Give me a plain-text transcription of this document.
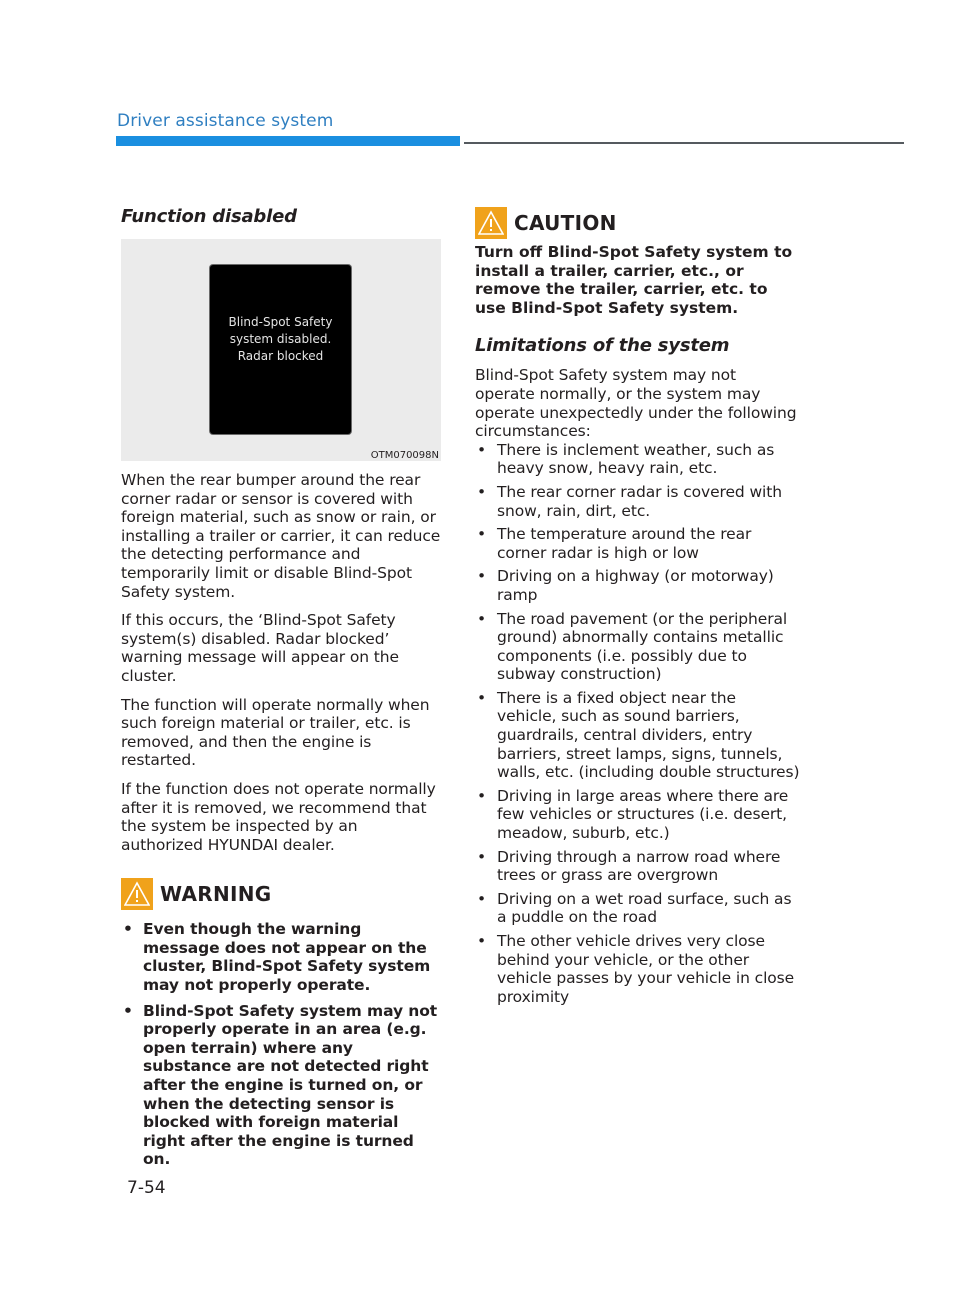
Driver assistance system
Function disabled
Blind-Spot Safety
system disabled.
Radar blocked
OTM070098N

When the rear bumper around the rear corner radar or sensor is covered with foreign material, such as snow or rain, or installing a trailer or carrier, it can reduce the detecting performance and temporarily limit or disable Blind-Spot Safety system.

If this occurs, the ‘Blind-Spot Safety system(s) disabled. Radar blocked’ warning message will appear on the cluster.

The function will operate normally when such foreign material or trailer, etc. is removed, and then the engine is restarted.

If the function does not operate normally after it is removed, we recommend that the system be inspected by an authorized HYUNDAI dealer.

WARNING
• Even though the warning message does not appear on the cluster, Blind-Spot Safety system may not properly operate.
• Blind-Spot Safety system may not properly operate in an area (e.g. open terrain) where any substance are not detected right after the engine is turned on, or when the detecting sensor is blocked with foreign material right after the engine is turned on.
CAUTION

Turn off Blind-Spot Safety system to install a trailer, carrier, etc., or remove the trailer, carrier, etc. to use Blind-Spot Safety system.

Limitations of the system

Blind-Spot Safety system may not operate normally, or the system may operate unexpectedly under the following circumstances:

• There is inclement weather, such as heavy snow, heavy rain, etc.
• The rear corner radar is covered with snow, rain, dirt, etc.
• The temperature around the rear corner radar is high or low
• Driving on a highway (or motorway) ramp
• The road pavement (or the peripheral ground) abnormally contains metallic components (i.e. possibly due to subway construction)
• There is a fixed object near the vehicle, such as sound barriers, guardrails, central dividers, entry barriers, street lamps, signs, tunnels, walls, etc. (including double structures)
• Driving in large areas where there are few vehicles or structures (i.e. desert, meadow, suburb, etc.)
• Driving through a narrow road where trees or grass are overgrown
• Driving on a wet road surface, such as a puddle on the road
• The other vehicle drives very close behind your vehicle, or the other vehicle passes by your vehicle in close proximity
7-54
